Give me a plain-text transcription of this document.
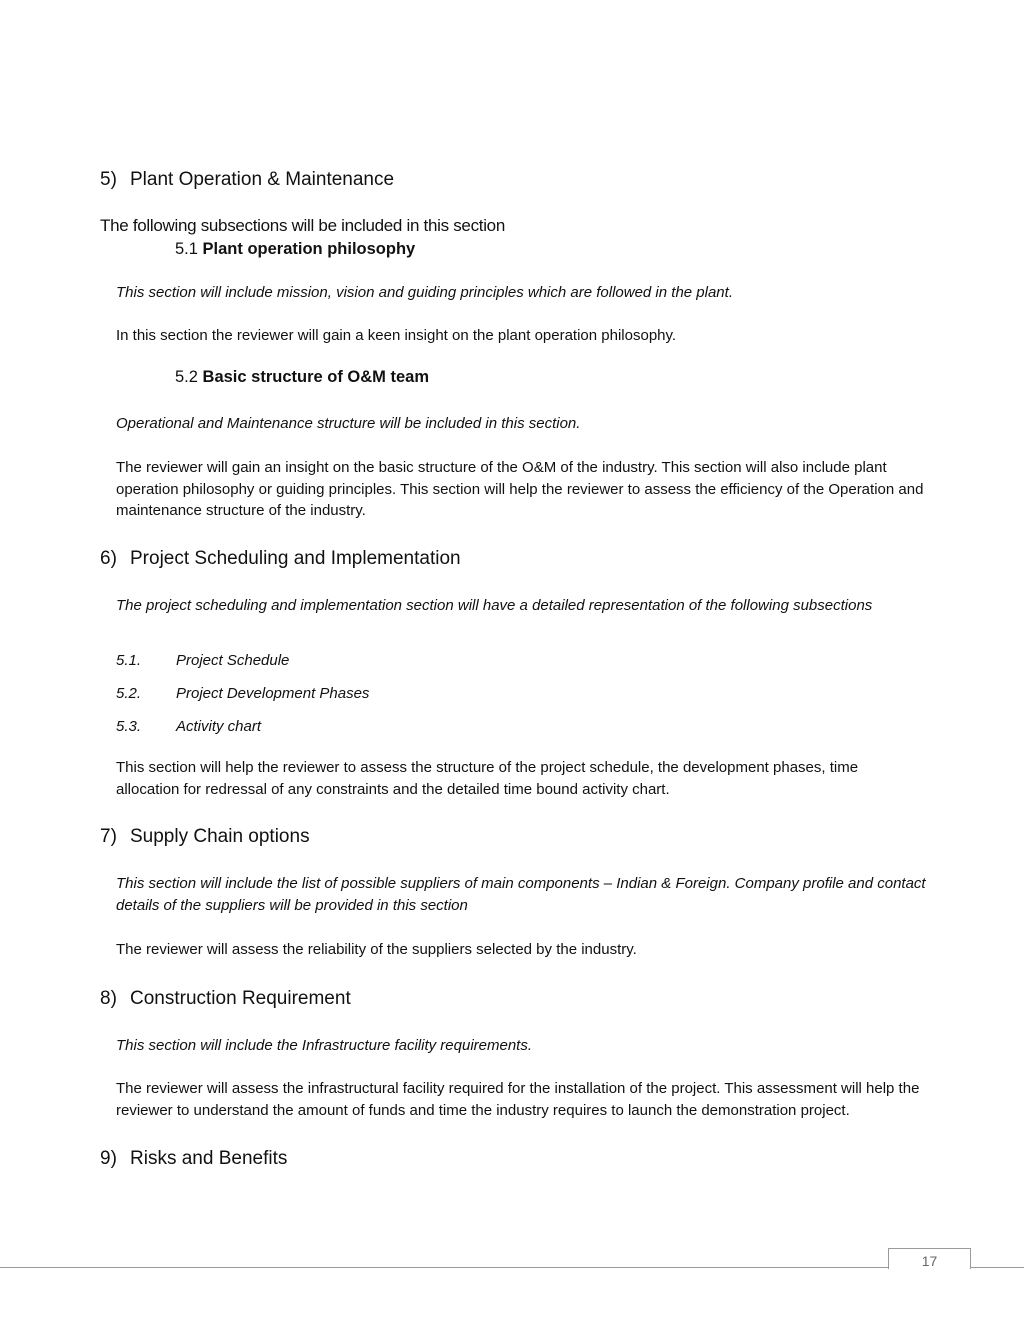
5) Plant Operation & Maintenance
The following subsections will be included in this section
5.1 Plant operation philosophy
This section will include mission, vision and guiding principles which are followed in the plant.
In this section the reviewer will gain a keen insight on the plant operation philosophy.
5.2 Basic structure of O&M team
Operational and Maintenance structure will be included in this section.
The reviewer will gain an insight on the basic structure of the O&M of the industry. This section will also include plant operation philosophy or guiding principles. This section will help the reviewer to assess the efficiency of the Operation and maintenance structure of the industry.
6) Project Scheduling and Implementation
The project scheduling and implementation section will have a detailed representation of the following subsections
5.1. Project Schedule
5.2. Project Development Phases
5.3. Activity chart
This section will help the reviewer to assess the structure of the project schedule, the development phases, time allocation for redressal of any constraints and the detailed time bound activity chart.
7) Supply Chain options
This section will include the list of possible suppliers of main components – Indian & Foreign. Company profile and contact details of the suppliers will be provided in this section
The reviewer will assess the reliability of the suppliers selected by the industry.
8) Construction Requirement
This section will include the Infrastructure facility requirements.
The reviewer will assess the infrastructural facility required for the installation of the project. This assessment will help the reviewer to understand the amount of funds and time the industry requires to launch the demonstration project.
9) Risks and Benefits
17
